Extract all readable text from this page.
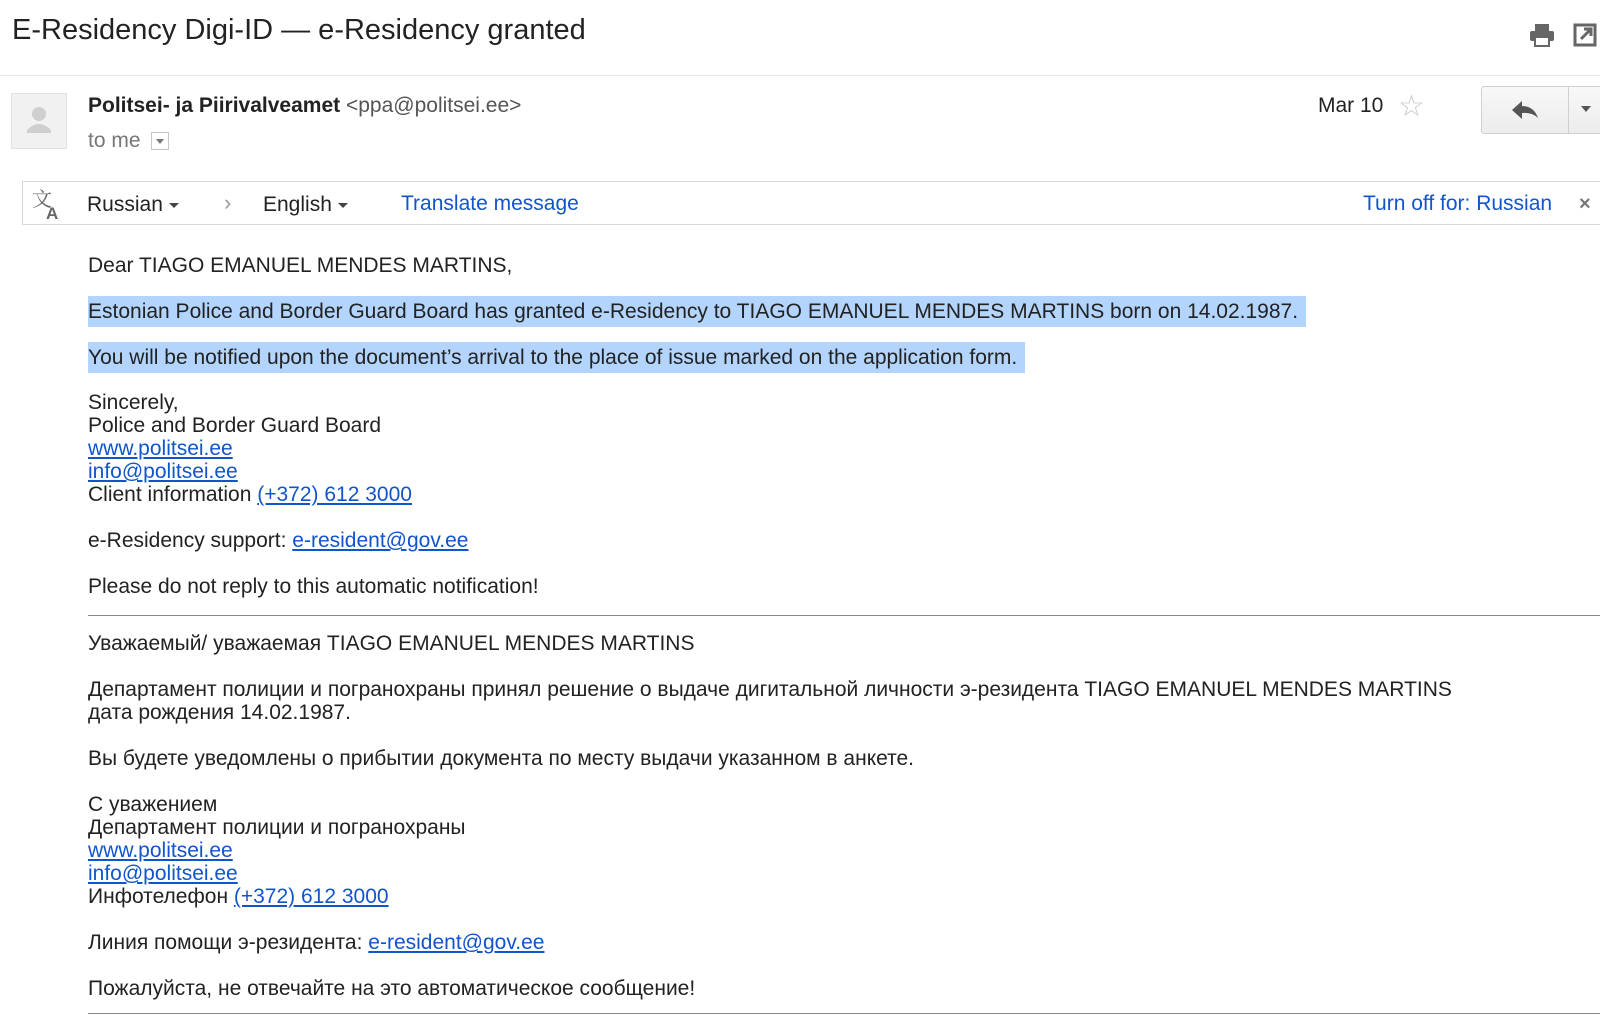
E-Residency Digi-ID — e-Residency granted
Politsei- ja Piirivalveamet <ppa@politsei.ee>
to me
Mar 10 ☆
文
A Russian	› English	Translate message	Turn off for: Russian ×
Dear TIAGO EMANUEL MENDES MARTINS,
Estonian Police and Border Guard Board has granted e-Residency to TIAGO EMANUEL MENDES MARTINS born on 14.02.1987.
You will be notified upon the document’s arrival to the place of issue marked on the application form.
Sincerely,
Police and Border Guard Board
www.politsei.ee
info@politsei.ee
Client information (+372) 612 3000
e-Residency support: e-resident@gov.ee
Please do not reply to this automatic notification!
Уважаемый/ уважаемая TIAGO EMANUEL MENDES MARTINS
Департамент полиции и погранохраны принял решение о выдаче дигитальной личности э-резидента TIAGO EMANUEL MENDES MARTINS
дата рождения 14.02.1987.
Вы будете уведомлены о прибытии документа по месту выдачи указанном в анкете.
С уважением
Департамент полиции и погранохраны
www.politsei.ee
info@politsei.ee
Инфотелефон (+372) 612 3000
Линия помощи э-резидента: e-resident@gov.ee
Пожалуйста, не отвечайте на это автоматическое сообщение!
